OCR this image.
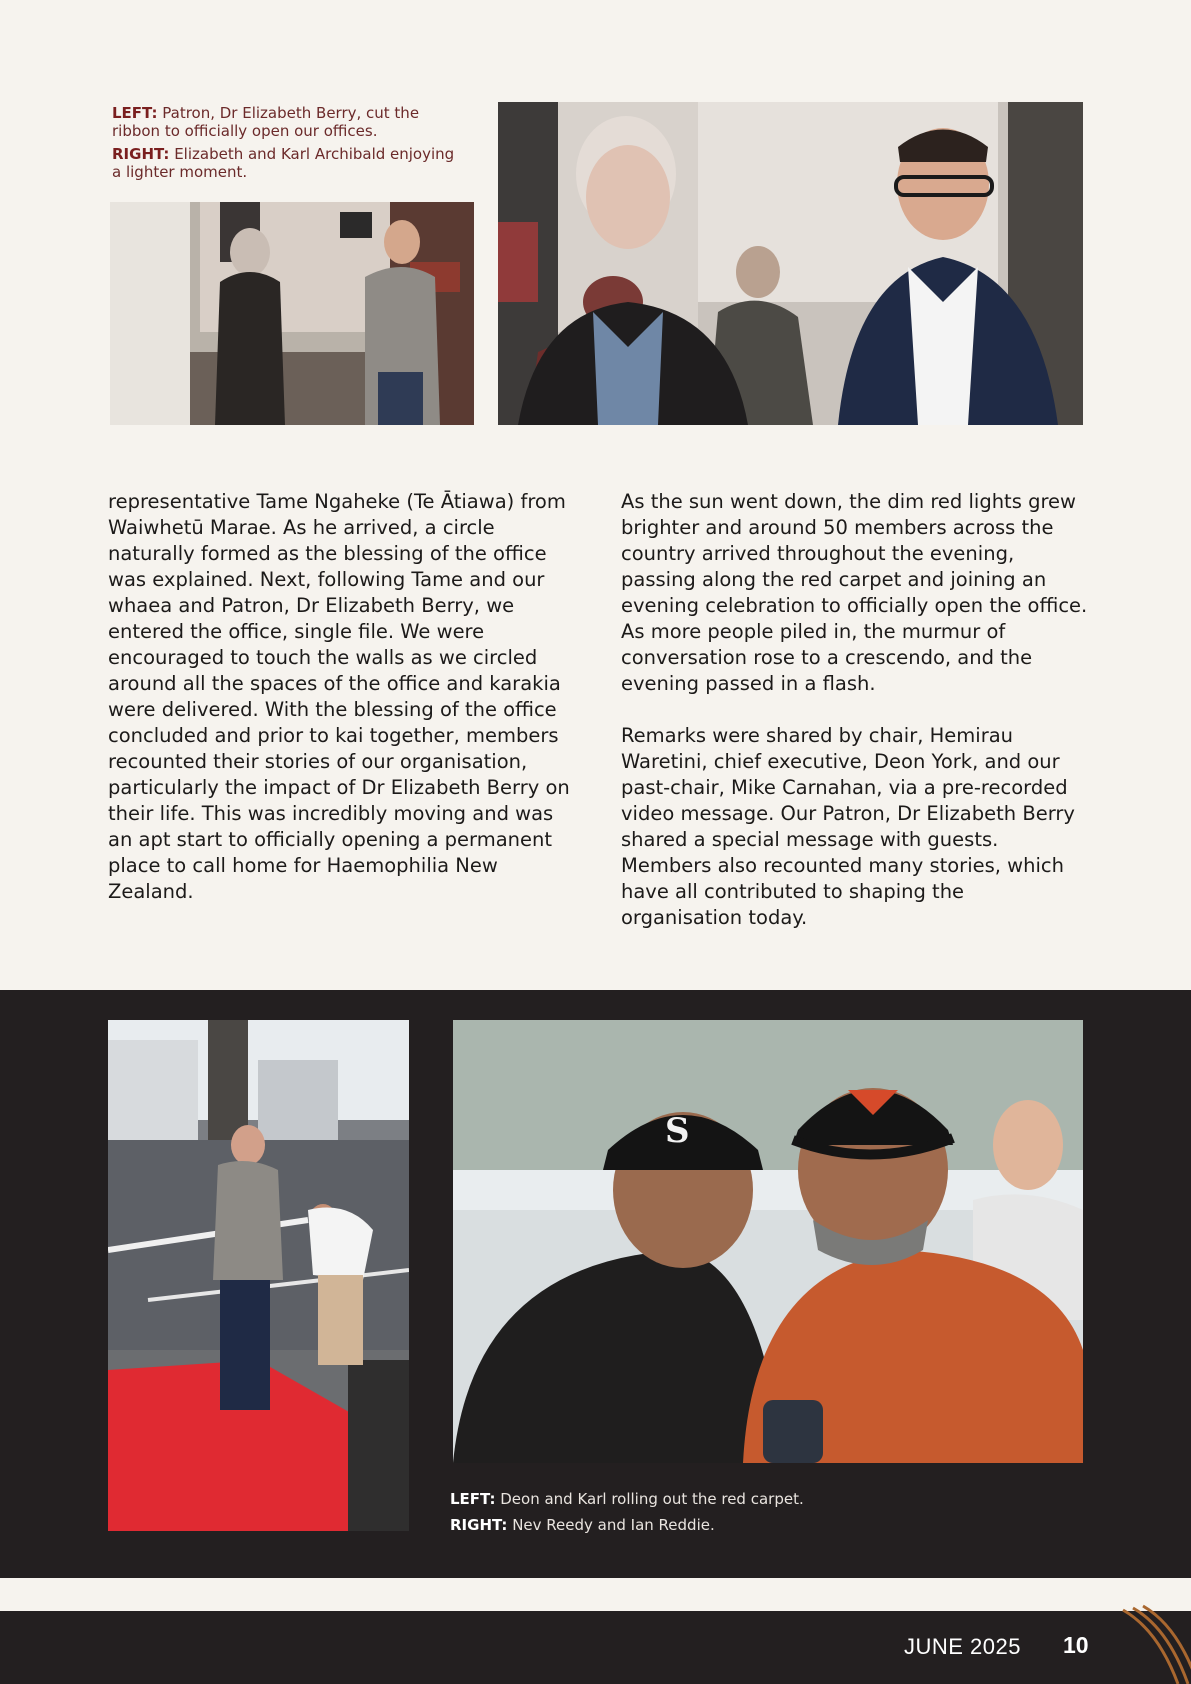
LEFT: Patron, Dr Elizabeth Berry, cut the ribbon to officially open our offices.

RIGHT: Elizabeth and Karl Archibald enjoying a lighter moment.

representative Tame Ngaheke (Te Ātiawa) from Waiwhetū Marae. As he arrived, a circle naturally formed as the blessing of the office was explained. Next, following Tame and our whaea and Patron, Dr Elizabeth Berry, we entered the office, single file. We were encouraged to touch the walls as we circled around all the spaces of the office and karakia were delivered. With the blessing of the office concluded and prior to kai together, members recounted their stories of our organisation, particularly the impact of Dr Elizabeth Berry on their life. This was incredibly moving and was an apt start to officially opening a permanent place to call home for Haemophilia New Zealand.

As the sun went down, the dim red lights grew brighter and around 50 members across the country arrived throughout the evening, passing along the red carpet and joining an evening celebration to officially open the office. As more people piled in, the murmur of conversation rose to a crescendo, and the evening passed in a flash.

Remarks were shared by chair, Hemirau Waretini, chief executive, Deon York, and our past-chair, Mike Carnahan, via a pre-recorded video message. Our Patron, Dr Elizabeth Berry shared a special message with guests. Members also recounted many stories, which have all contributed to shaping the organisation today.

S

LEFT: Deon and Karl rolling out the red carpet.

RIGHT: Nev Reedy and Ian Reddie.

JUNE 2025 10
